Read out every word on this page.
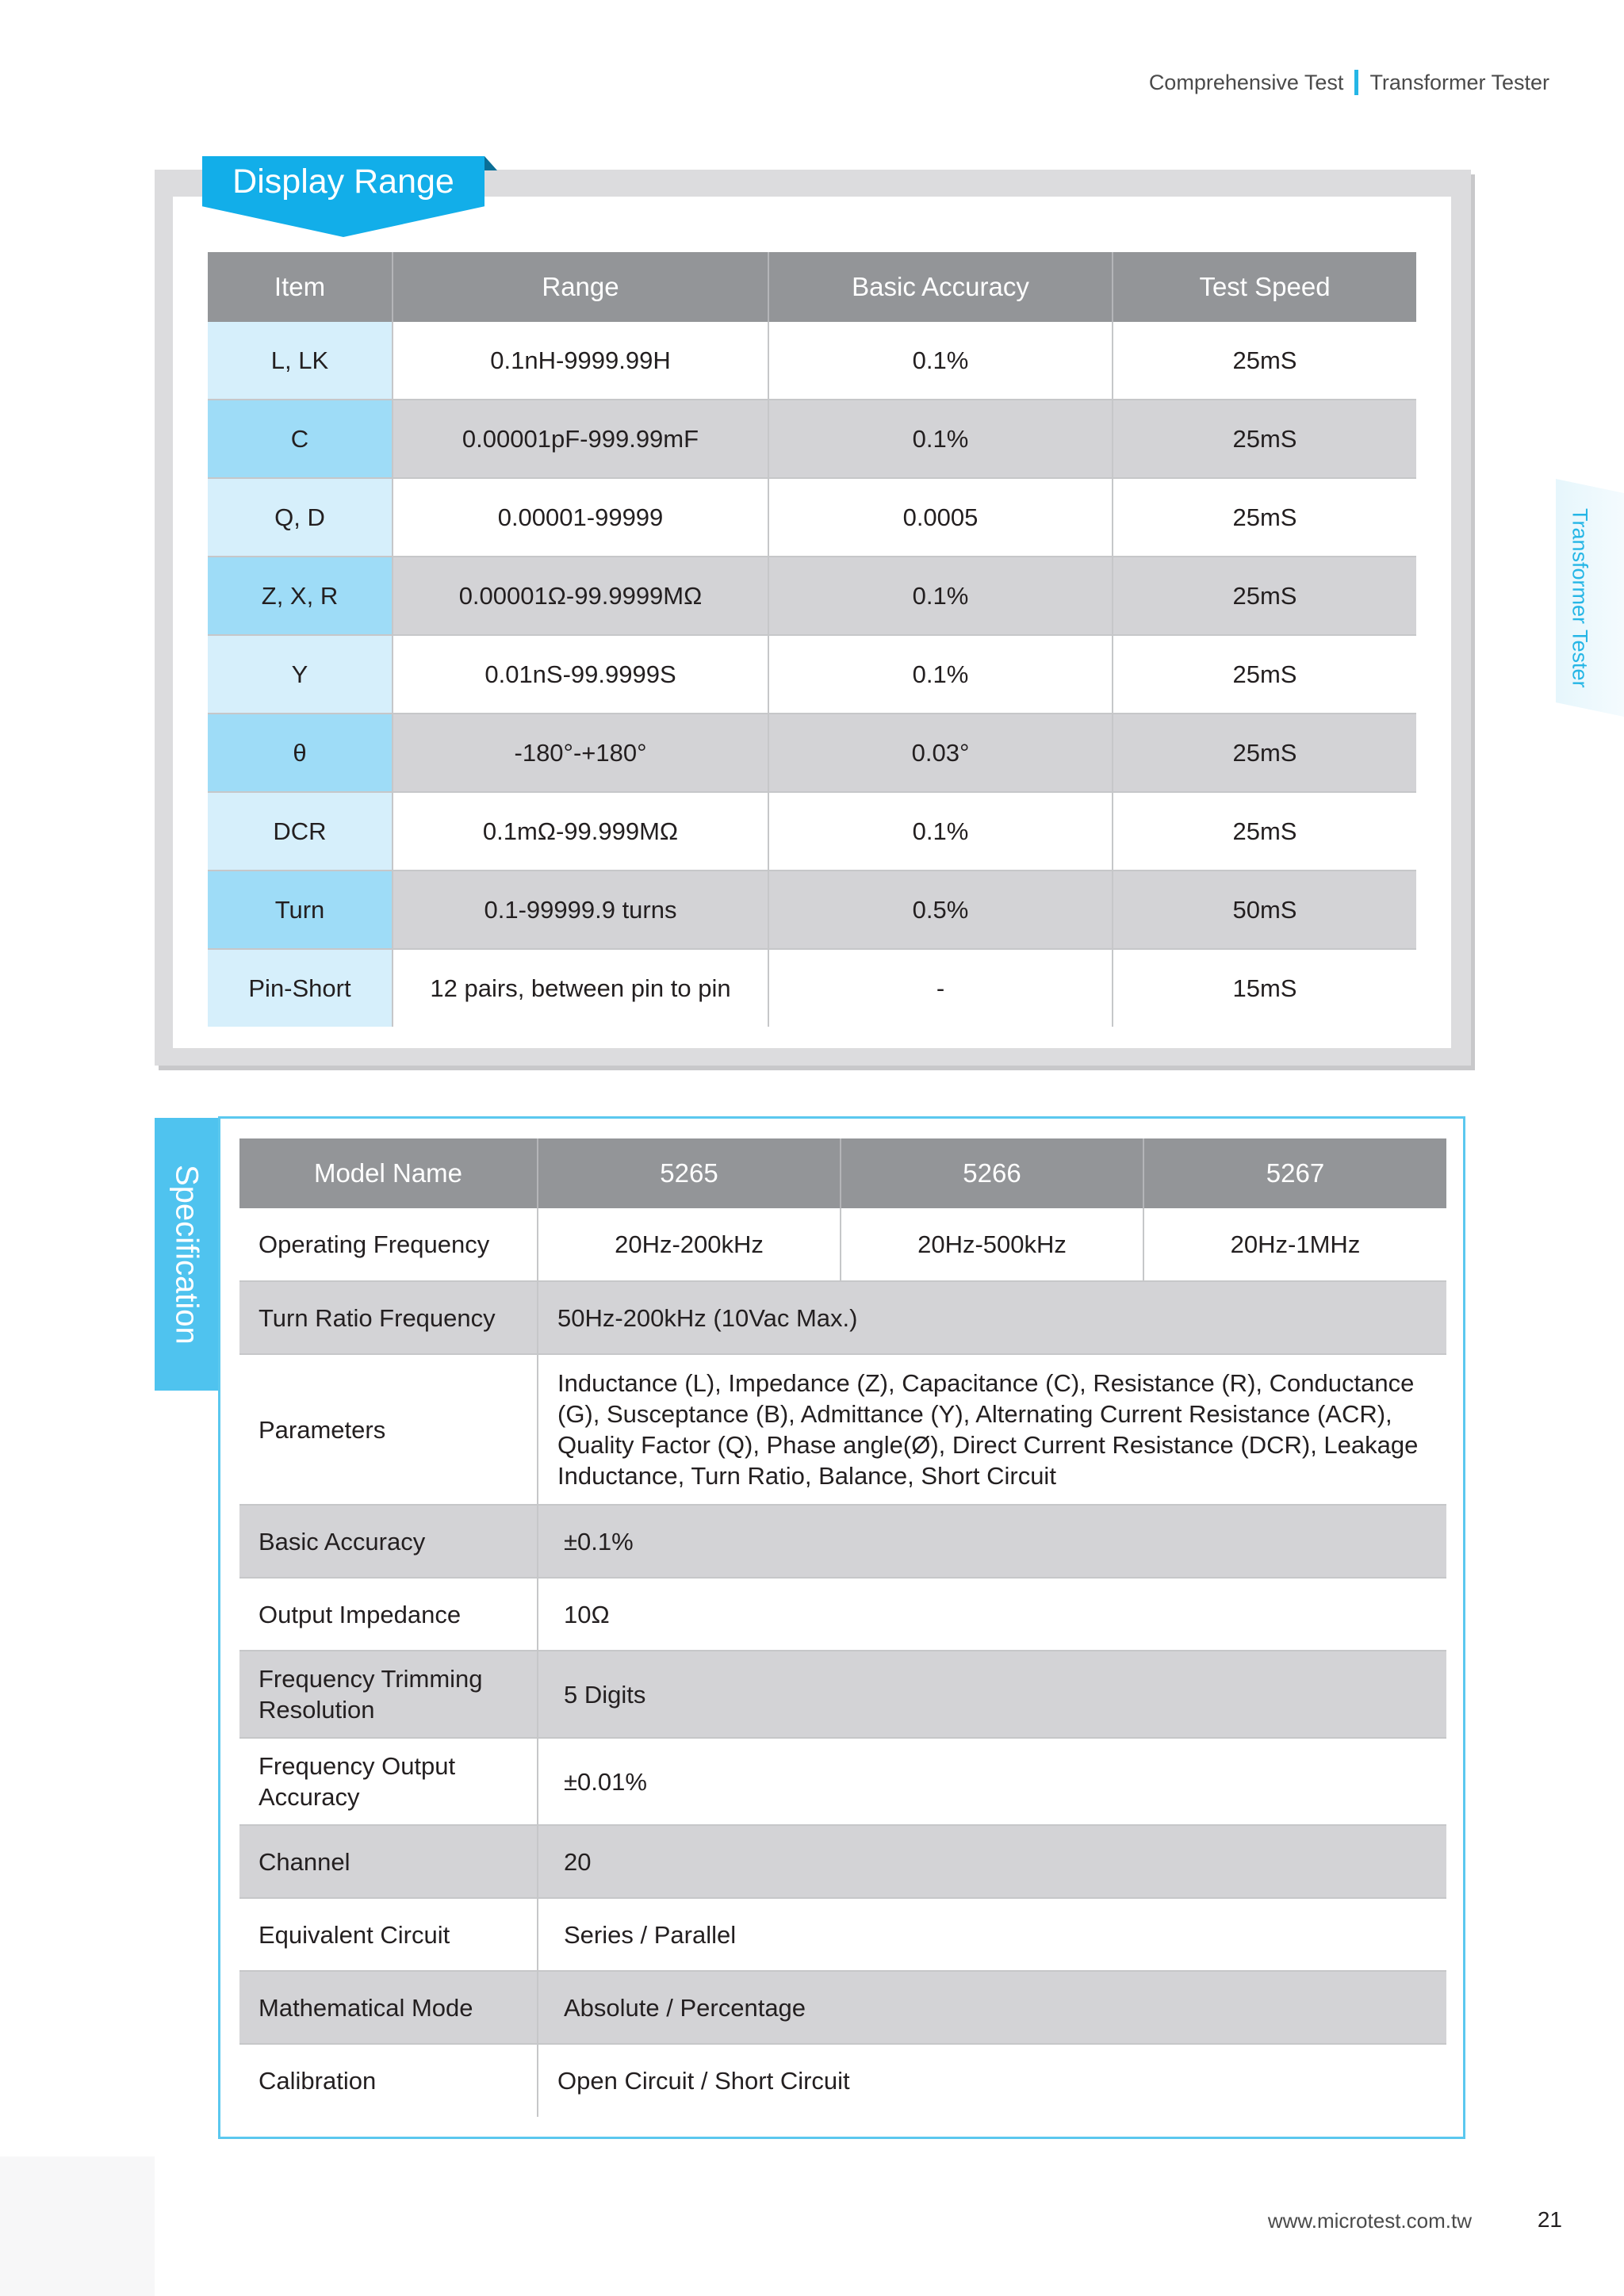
Comprehensive Test Transformer Tester
Transformer Tester
Display Range
Item	Range	Basic Accuracy	Test Speed
L, LK	0.1nH-9999.99H	0.1%	25mS
C	0.00001pF-999.99mF	0.1%	25mS
Q, D	0.00001-99999	0.0005	25mS
Z, X, R	0.00001Ω-99.9999MΩ	0.1%	25mS
Y	0.01nS-99.9999S	0.1%	25mS
θ	-180°-+180°	0.03°	25mS
DCR	0.1mΩ-99.999MΩ	0.1%	25mS
Turn	0.1-99999.9 turns	0.5%	50mS
Pin-Short	12 pairs, between pin to pin	-	15mS
Specification	Model Name	5265	5266	5267
Operating Frequency	20Hz-200kHz	20Hz-500kHz	20Hz-1MHz
Turn Ratio Frequency	50Hz-200kHz (10Vac Max.)		
Parameters	Inductance (L), Impedance (Z), Capacitance (C), Resistance (R), Conductance (G), Susceptance (B), Admittance (Y), Alternating Current Resistance (ACR), Quality Factor (Q), Phase angle(Ø), Direct Current Resistance (DCR), Leakage Inductance, Turn Ratio, Balance, Short Circuit		
Basic Accuracy	±0.1%		
Output Impedance	10Ω		
Frequency Trimming Resolution	5 Digits		
Frequency Output Accuracy	±0.01%		
Channel	20		
Equivalent Circuit	Series / Parallel		
Mathematical Mode	Absolute / Percentage		
Calibration	Open Circuit / Short Circuit		
www.microtest.com.tw	21
